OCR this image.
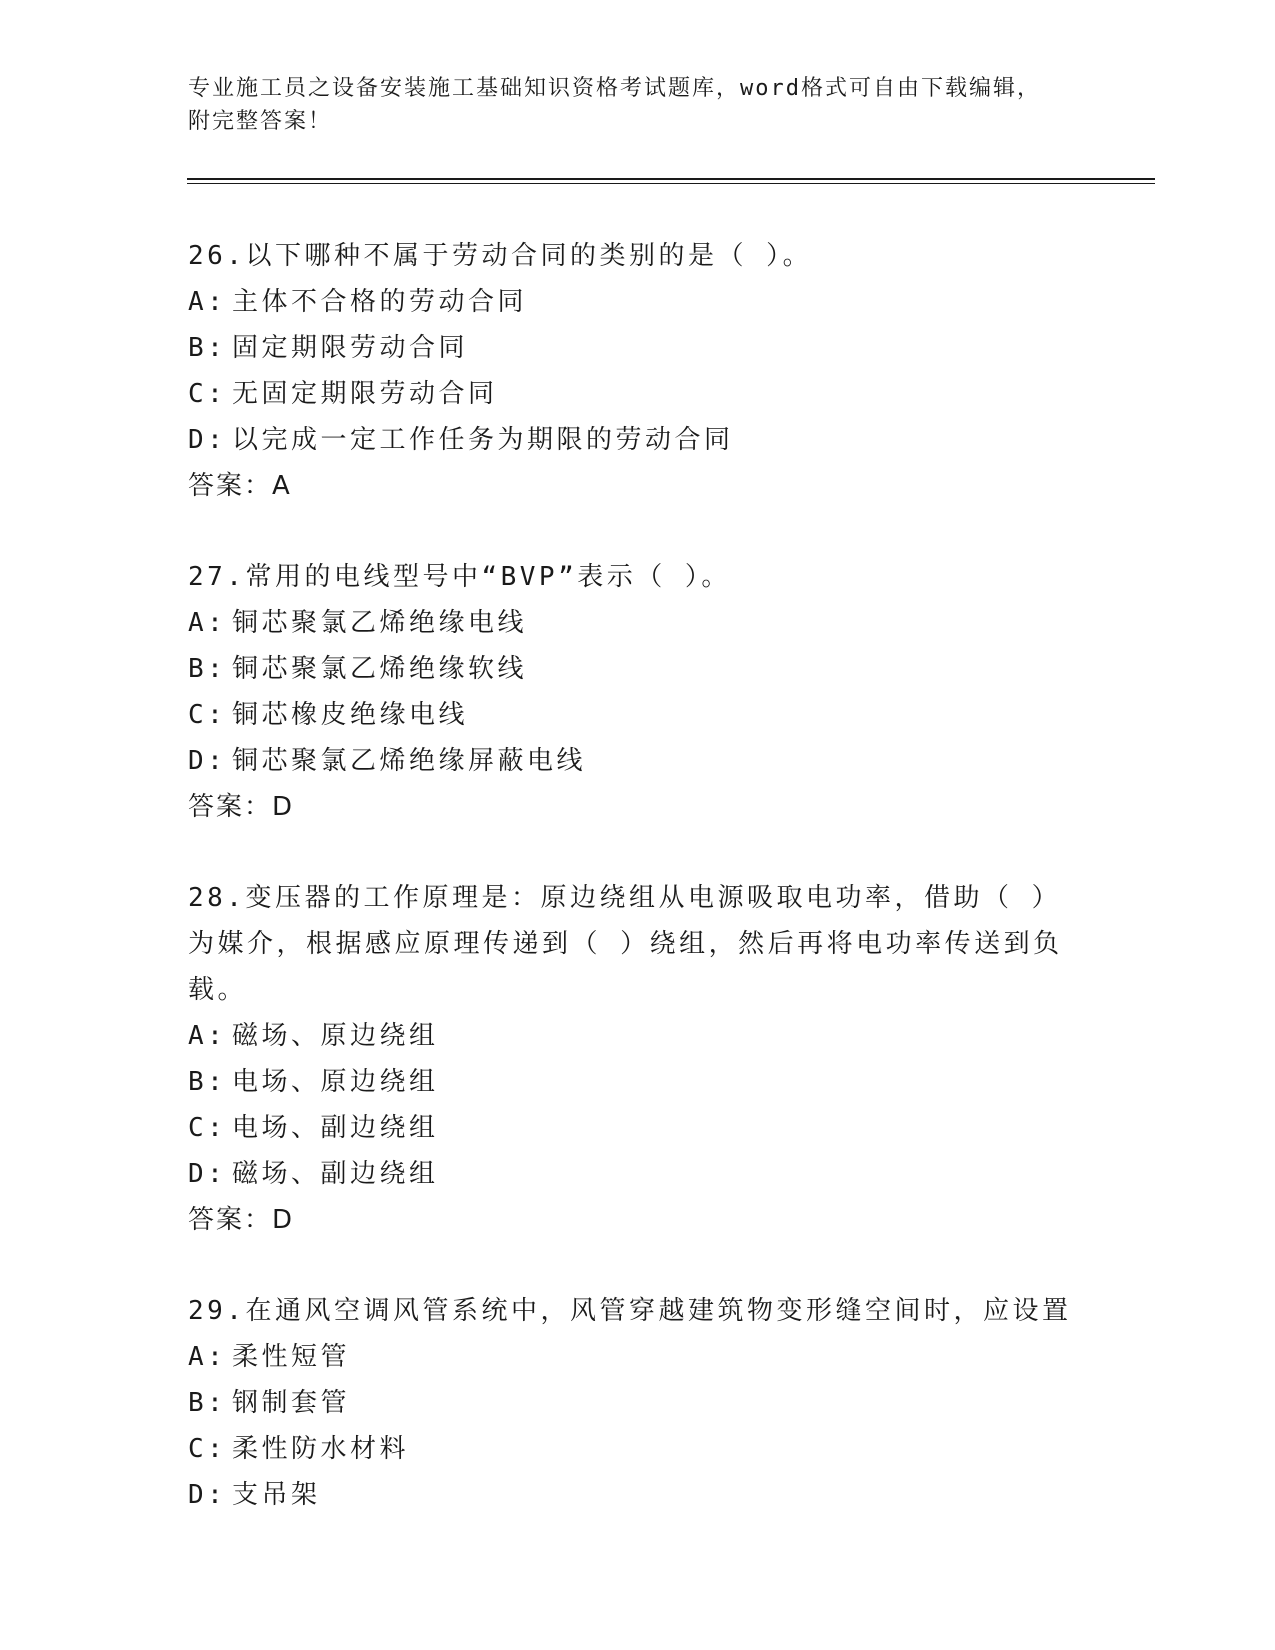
专业施工员之设备安装施工基础知识资格考试题库，word格式可自由下载编辑，
附完整答案！
26.以下哪种不属于劳动合同的类别的是（ ）。
A: 主体不合格的劳动合同
B: 固定期限劳动合同
C: 无固定期限劳动合同
D: 以完成一定工作任务为期限的劳动合同
答案：A
27.常用的电线型号中“BVP”表示（ ）。
A: 铜芯聚氯乙烯绝缘电线
B: 铜芯聚氯乙烯绝缘软线
C: 铜芯橡皮绝缘电线
D: 铜芯聚氯乙烯绝缘屏蔽电线
答案：D
28.变压器的工作原理是：原边绕组从电源吸取电功率，借助（ ）为媒介，根据感应原理传递到（ ）绕组，然后再将电功率传送到负载。
A: 磁场、原边绕组
B: 电场、原边绕组
C: 电场、副边绕组
D: 磁场、副边绕组
答案：D
29.在通风空调风管系统中，风管穿越建筑物变形缝空间时，应设置
A: 柔性短管
B: 钢制套管
C: 柔性防水材料
D: 支吊架
